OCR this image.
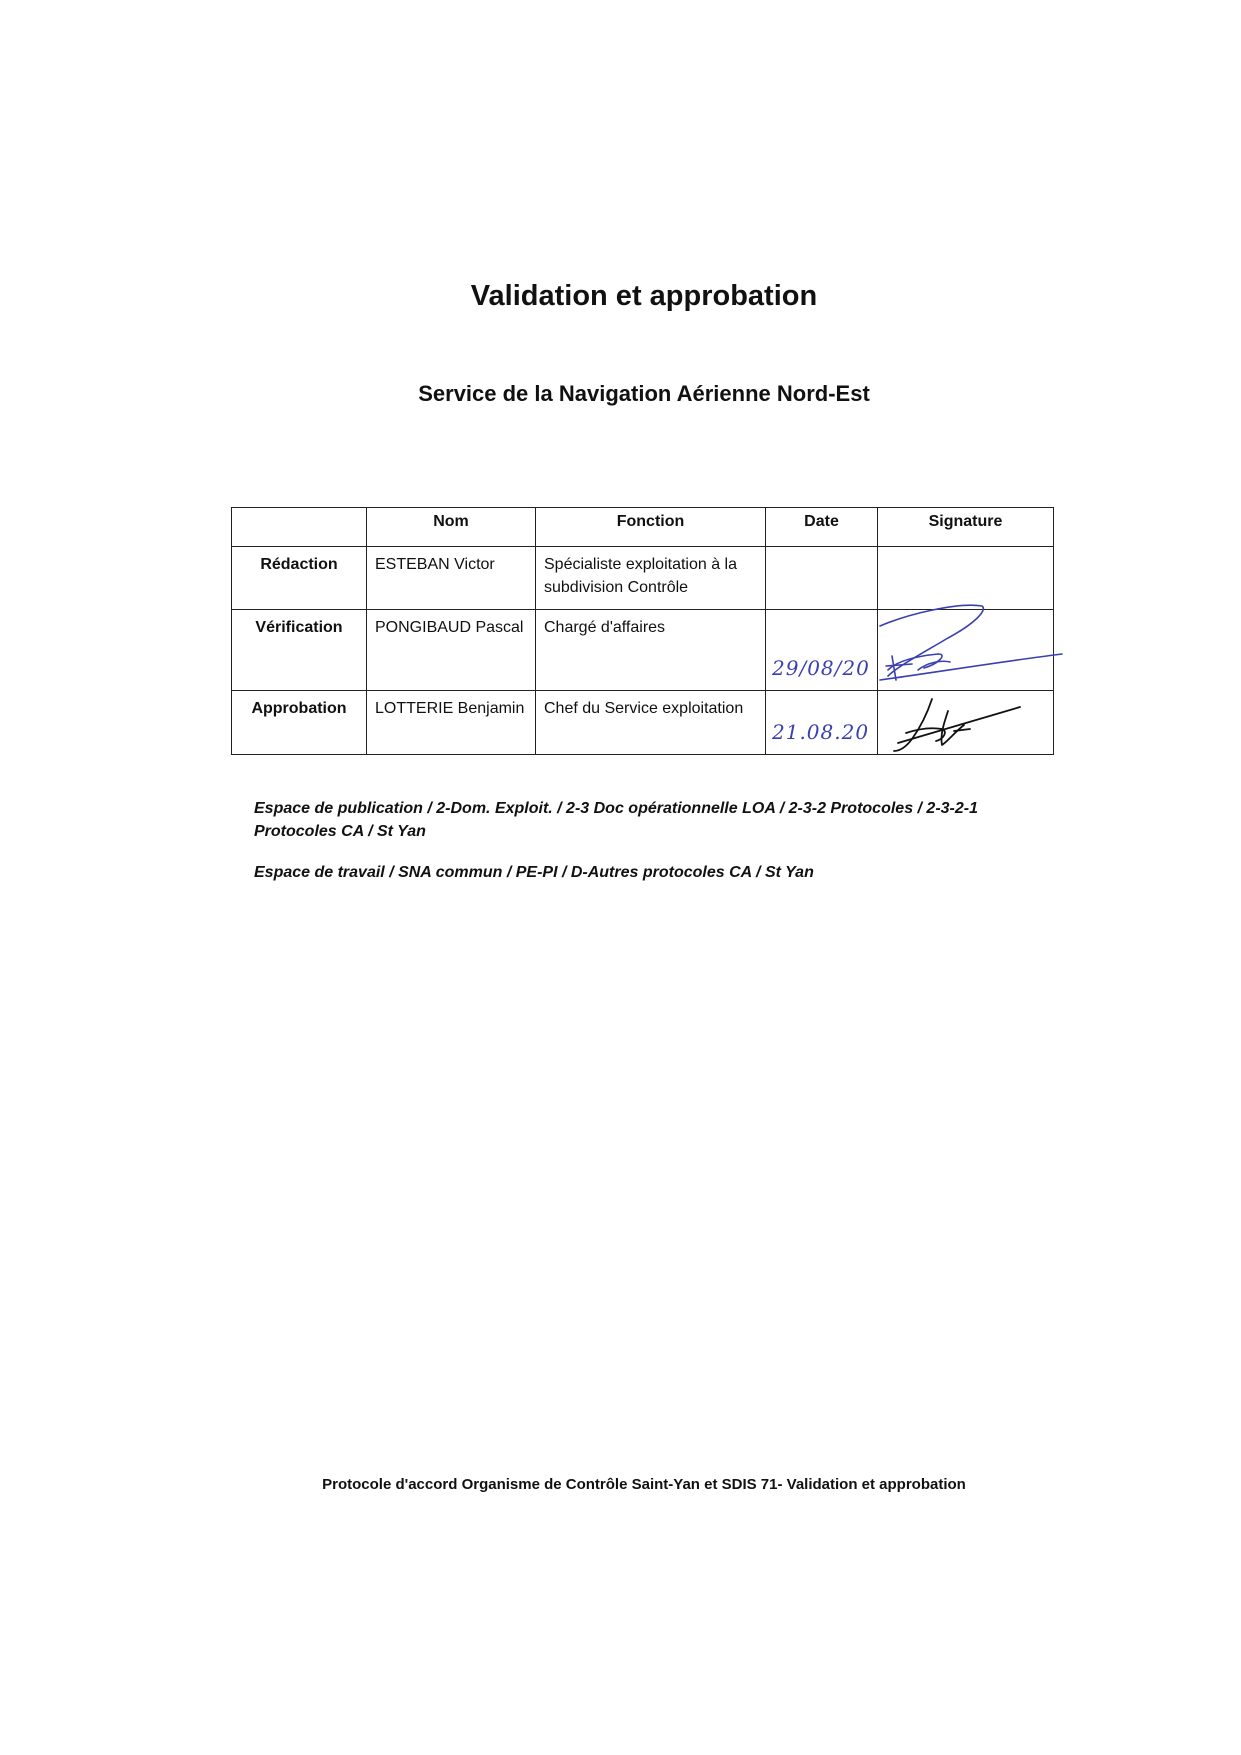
Validation et approbation
Service de la Navigation Aérienne Nord-Est
	Nom	Fonction	Date	Signature
Rédaction	ESTEBAN Victor	Spécialiste exploitation à la subdivision Contrôle		
Vérification	PONGIBAUD Pascal	Chargé d'affaires	29/08/20

Approbation	LOTTERIE Benjamin	Chef du Service exploitation	21.08.20

Espace de publication / 2-Dom. Exploit. / 2-3 Doc opérationnelle LOA / 2-3-2 Protocoles / 2-3-2-1 Protocoles CA / St Yan
Espace de travail / SNA commun / PE-PI / D-Autres protocoles CA / St Yan
Protocole d'accord Organisme de Contrôle Saint-Yan et SDIS 71- Validation et approbation
